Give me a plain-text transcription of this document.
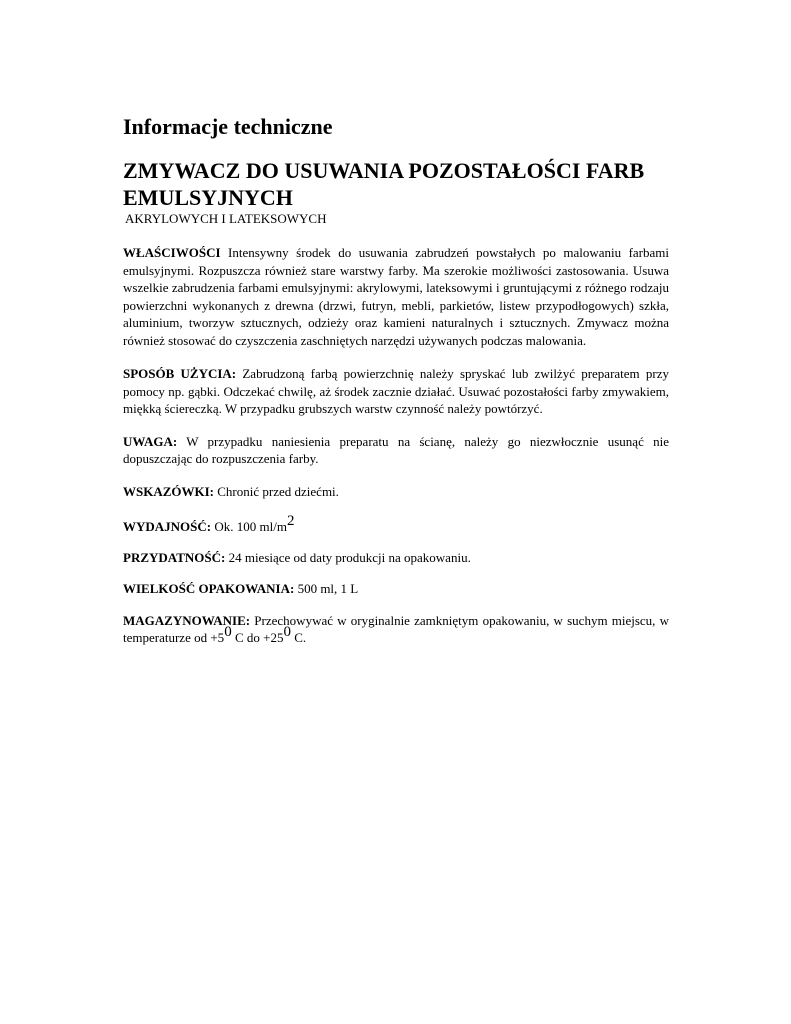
Informacje techniczne
ZMYWACZ DO USUWANIA POZOSTAŁOŚCI FARB EMULSYJNYCH
AKRYLOWYCH I LATEKSOWYCH

WŁAŚCIWOŚCI Intensywny środek do usuwania zabrudzeń powstałych po malowaniu farbami emulsyjnymi. Rozpuszcza również stare warstwy farby. Ma szerokie możliwości zastosowania. Usuwa wszelkie zabrudzenia farbami emulsyjnymi: akrylowymi, lateksowymi i gruntującymi z różnego rodzaju powierzchni wykonanych z drewna (drzwi, futryn, mebli, parkietów, listew przypodłogowych) szkła, aluminium, tworzyw sztucznych, odzieży oraz kamieni naturalnych i sztucznych. Zmywacz można również stosować do czyszczenia zaschniętych narzędzi używanych podczas malowania.

SPOSÓB UŻYCIA: Zabrudzoną farbą powierzchnię należy spryskać lub zwilżyć preparatem przy pomocy np. gąbki. Odczekać chwilę, aż środek zacznie działać. Usuwać pozostałości farby zmywakiem, miękką ściereczką. W przypadku grubszych warstw czynność należy powtórzyć.

UWAGA: W przypadku naniesienia preparatu na ścianę, należy go niezwłocznie usunąć nie dopuszczając do rozpuszczenia farby.

WSKAZÓWKI: Chronić przed dziećmi.

WYDAJNOŚĆ: Ok. 100 $ml/m^2$

PRZYDATNOŚĆ: 24 miesiące od daty produkcji na opakowaniu.

WIELKOŚĆ OPAKOWANIA: 500 ml, 1 L

MAGAZYNOWANIE: Przechowywać w oryginalnie zamkniętym opakowaniu, w suchym miejscu, w temperaturze od $+5^0$ C do $+25^0$ C.
